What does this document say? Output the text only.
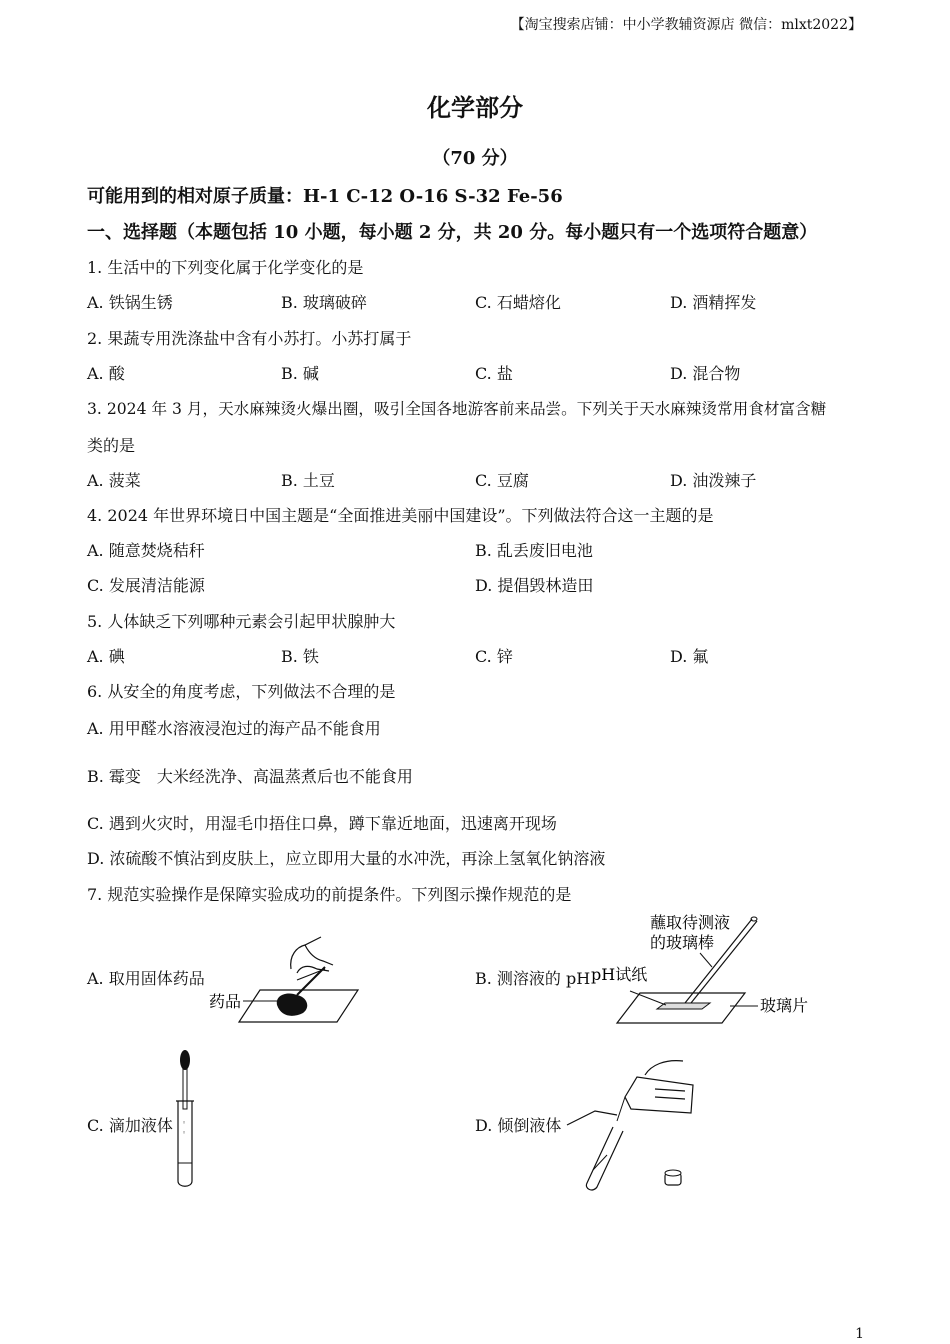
【淘宝搜索店铺：中小学教辅资源店 微信：mlxt2022】
化学部分
（70 分）
可能用到的相对原子质量：H-1 C-12 O-16 S-32 Fe-56
一、选择题（本题包括 10 小题，每小题 2 分，共 20 分。每小题只有一个选项符合题意）
1. 生活中的下列变化属于化学变化的是
A. 铁锅生锈	B. 玻璃破碎	C. 石蜡熔化	D. 酒精挥发
2. 果蔬专用洗涤盐中含有小苏打。小苏打属于
A. 酸	B. 碱	C. 盐	D. 混合物
3. 2024 年 3 月，天水麻辣烫火爆出圈，吸引全国各地游客前来品尝。下列关于天水麻辣烫常用食材富含糖
类的是
A. 菠菜	B. 土豆	C. 豆腐	D. 油泼辣子
4. 2024 年世界环境日中国主题是“全面推进美丽中国建设”。下列做法符合这一主题的是
A. 随意焚烧秸秆	B. 乱丢废旧电池
C. 发展清洁能源	D. 提倡毁林造田
5. 人体缺乏下列哪种元素会引起甲状腺肿大
A. 碘	B. 铁	C. 锌	D. 氟
6. 从安全的角度考虑，下列做法不合理的是
A. 用甲醛水溶液浸泡过的海产品不能食用
B. 霉变　大米经洗净、高温蒸煮后也不能食用
C. 遇到火灾时，用湿毛巾捂住口鼻，蹲下靠近地面，迅速离开现场
D. 浓硫酸不慎沾到皮肤上，应立即用大量的水冲洗，再涂上氢氧化钠溶液
7. 规范实验操作是保障实验成功的前提条件。下列图示操作规范的是
A. 取用固体药品	B. 测溶液的 pH
C. 滴加液体	D. 倾倒液体
药品
蘸取待测液
的玻璃棒
pH试纸
玻璃片
◦
◦
1
